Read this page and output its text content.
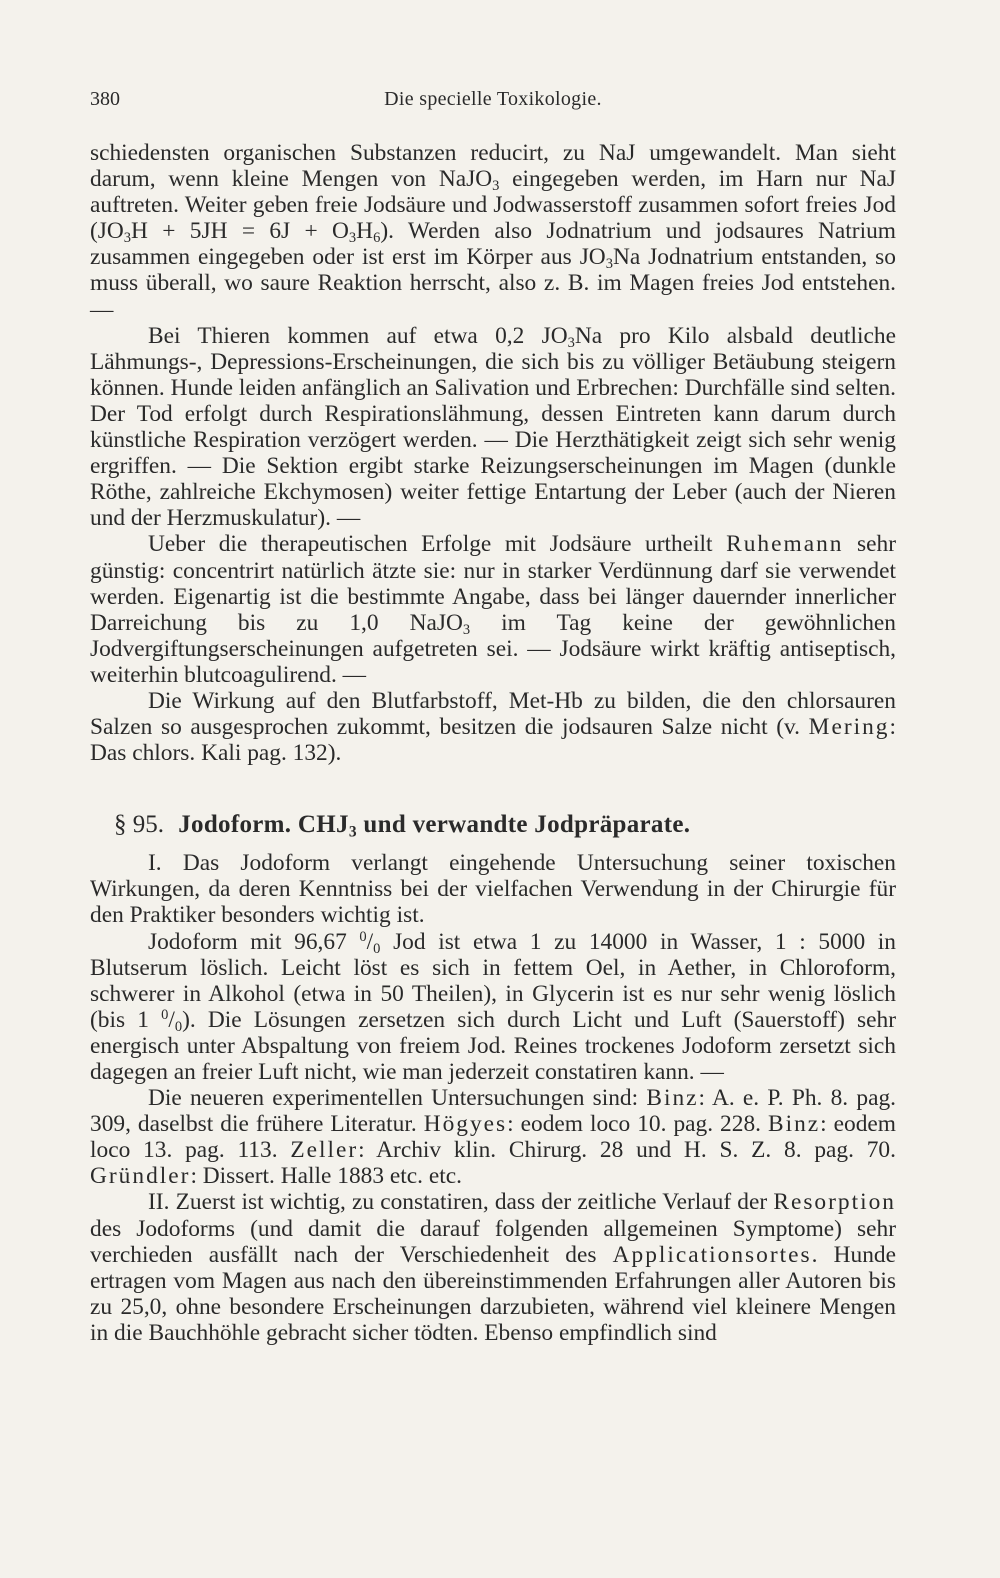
380	Die specielle Toxikologie.

schiedensten organischen Substanzen reducirt, zu NaJ umgewandelt. Man sieht darum, wenn kleine Mengen von NaJO$_3$ eingegeben werden, im Harn nur NaJ auftreten. Weiter geben freie Jodsäure und Jodwasserstoff zusammen sofort freies Jod $(JO_3H + 5JH = 6J + O_3H_6)$. Werden also Jodnatrium und jodsaures Natrium zusammen eingegeben oder ist erst im Körper aus $JO_3Na$ Jodnatrium entstanden, so muss überall, wo saure Reaktion herrscht, also z. B. im Magen freies Jod entstehen. —

Bei Thieren kommen auf etwa 0,2 $JO_3Na$ pro Kilo alsbald deutliche Lähmungs-, Depressions-Erscheinungen, die sich bis zu völliger Betäubung steigern können. Hunde leiden anfänglich an Salivation und Erbrechen: Durchfälle sind selten. Der Tod erfolgt durch Respirationslähmung, dessen Eintreten kann darum durch künstliche Respiration verzögert werden. — Die Herzthätigkeit zeigt sich sehr wenig ergriffen. — Die Sektion ergibt starke Reizungserscheinungen im Magen (dunkle Röthe, zahlreiche Ekchymosen) weiter fettige Entartung der Leber (auch der Nieren und der Herzmuskulatur). —

Ueber die therapeutischen Erfolge mit Jodsäure urtheilt Ruhemann sehr günstig: concentrirt natürlich ätzte sie: nur in starker Verdünnung darf sie verwendet werden. Eigenartig ist die bestimmte Angabe, dass bei länger dauernder innerlicher Darreichung bis zu 1,0 NaJO$_3$ im Tag keine der gewöhnlichen Jodvergiftungserscheinungen aufgetreten sei. — Jodsäure wirkt kräftig antiseptisch, weiterhin blutcoagulirend. —

Die Wirkung auf den Blutfarbstoff, Met-Hb zu bilden, die den chlorsauren Salzen so ausgesprochen zukommt, besitzen die jodsauren Salze nicht (v. Mering: Das chlors. Kali pag. 132).

§ 95. Jodoform. $CHJ_3$ und verwandte Jodpräparate.

I. Das Jodoform verlangt eingehende Untersuchung seiner toxischen Wirkungen, da deren Kenntniss bei der vielfachen Verwendung in der Chirurgie für den Praktiker besonders wichtig ist.

Jodoform mit 96,67 $^0/_0$ Jod ist etwa 1 zu 14000 in Wasser, 1 : 5000 in Blutserum löslich. Leicht löst es sich in fettem Oel, in Aether, in Chloroform, schwerer in Alkohol (etwa in 50 Theilen), in Glycerin ist es nur sehr wenig löslich (bis 1 $^0/_0$). Die Lösungen zersetzen sich durch Licht und Luft (Sauerstoff) sehr energisch unter Abspaltung von freiem Jod. Reines trockenes Jodoform zersetzt sich dagegen an freier Luft nicht, wie man jederzeit constatiren kann. —

Die neueren experimentellen Untersuchungen sind: Binz: A. e. P. Ph. 8. pag. 309, daselbst die frühere Literatur. Högyes: eodem loco 10. pag. 228. Binz: eodem loco 13. pag. 113. Zeller: Archiv klin. Chirurg. 28 und H. S. Z. 8. pag. 70. Gründler: Dissert. Halle 1883 etc. etc.

II. Zuerst ist wichtig, zu constatiren, dass der zeitliche Verlauf der Resorption des Jodoforms (und damit die darauf folgenden allgemeinen Symptome) sehr verchieden ausfällt nach der Verschiedenheit des Applicationsortes. Hunde ertragen vom Magen aus nach den übereinstimmenden Erfahrungen aller Autoren bis zu 25,0, ohne besondere Erscheinungen darzubieten, während viel kleinere Mengen in die Bauchhöhle gebracht sicher tödten. Ebenso empfindlich sind
